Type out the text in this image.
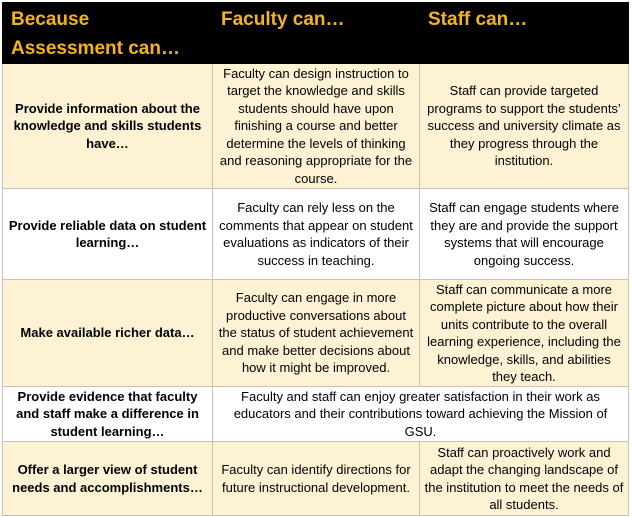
Because Assessment can…	Faculty can…	Staff can…
Provide information about the knowledge and skills students have…	Faculty can design instruction to target the knowledge and skills students should have upon finishing a course and better determine the levels of thinking and reasoning appropriate for the course.	Staff can provide targeted programs to support the students’ success and university climate as they progress through the institution.
Provide reliable data on student learning…	Faculty can rely less on the comments that appear on student evaluations as indicators of their success in teaching.	Staff can engage students where they are and provide the support systems that will encourage ongoing success.
Make available richer data…	Faculty can engage in more productive conversations about the status of student achievement and make better decisions about how it might be improved.	Staff can communicate a more complete picture about how their units contribute to the overall learning experience, including the knowledge, skills, and abilities they teach.
Provide evidence that faculty and staff make a difference in student learning…	Faculty and staff can enjoy greater satisfaction in their work as educators and their contributions toward achieving the Mission of GSU.	
Offer a larger view of student needs and accomplishments…	Faculty can identify directions for future instructional development.	Staff can proactively work and adapt the changing landscape of the institution to meet the needs of all students.
